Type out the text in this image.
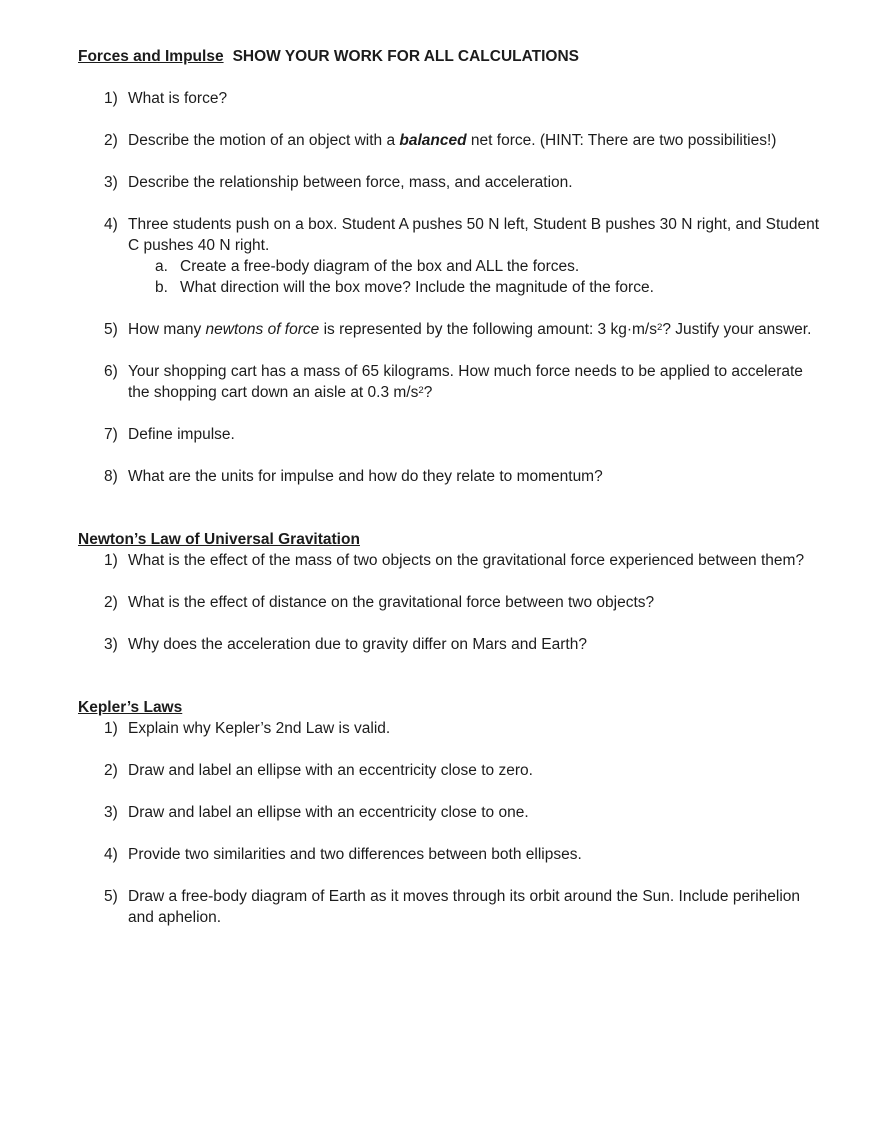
Forces and Impulse SHOW YOUR WORK FOR ALL CALCULATIONS
1) What is force?
2) Describe the motion of an object with a balanced net force. (HINT: There are two possibilities!)
3) Describe the relationship between force, mass, and acceleration.
4) Three students push on a box. Student A pushes 50 N left, Student B pushes 30 N right, and Student C pushes 40 N right.
a. Create a free-body diagram of the box and ALL the forces.
b. What direction will the box move? Include the magnitude of the force.
5) How many newtons of force is represented by the following amount: 3 $kg\cdot m/s^2$? Justify your answer.
6) Your shopping cart has a mass of 65 kilograms. How much force needs to be applied to accelerate the shopping cart down an aisle at 0.3 $m/s^2$?
7) Define impulse.
8) What are the units for impulse and how do they relate to momentum?
Newton’s Law of Universal Gravitation
1) What is the effect of the mass of two objects on the gravitational force experienced between them?
2) What is the effect of distance on the gravitational force between two objects?
3) Why does the acceleration due to gravity differ on Mars and Earth?
Kepler’s Laws
1) Explain why Kepler’s 2nd Law is valid.
2) Draw and label an ellipse with an eccentricity close to zero.
3) Draw and label an ellipse with an eccentricity close to one.
4) Provide two similarities and two differences between both ellipses.
5) Draw a free-body diagram of Earth as it moves through its orbit around the Sun. Include perihelion and aphelion.
